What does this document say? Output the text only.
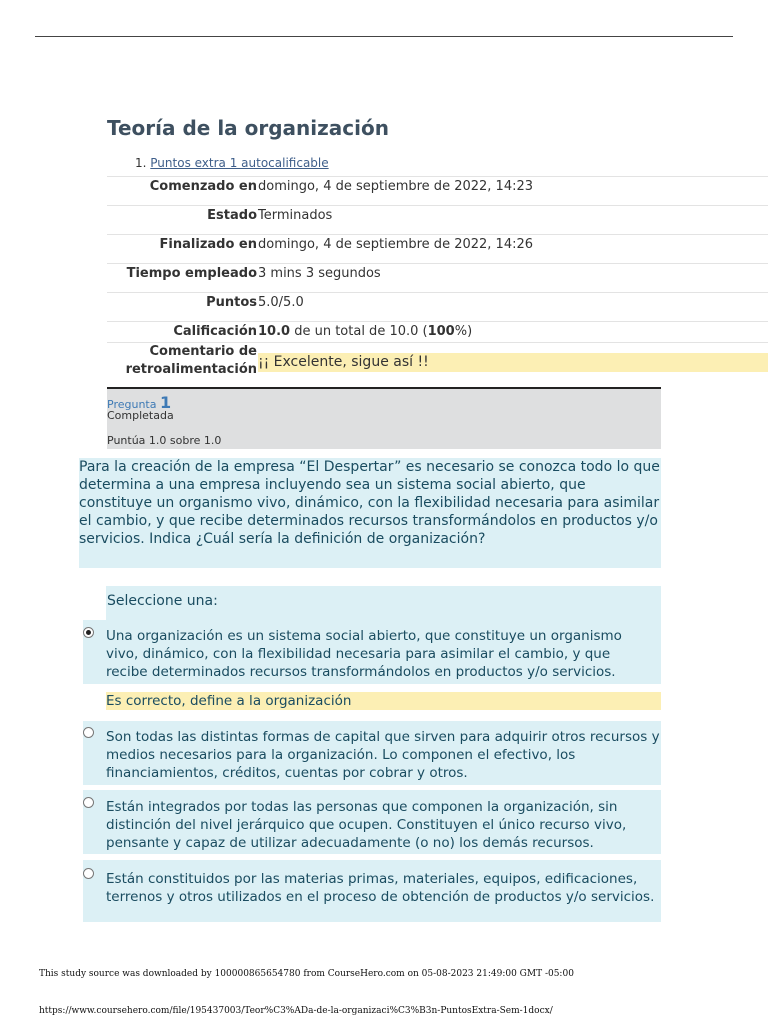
Teoría de la organización
1. Puntos extra 1 autocalificable
Comenzado en domingo, 4 de septiembre de 2022, 14:23
Estado Terminados
Finalizado en domingo, 4 de septiembre de 2022, 14:26
Tiempo empleado 3 mins 3 segundos
Puntos 5.0/5.0
Calificación 10.0 de un total de 10.0 (100%)
Comentario de
retroalimentación ¡¡ Excelente, sigue así !!
Pregunta 1
Completada
Puntúa 1.0 sobre 1.0

Para la creación de la empresa “El Despertar” es necesario se conozca todo lo que determina a una empresa incluyendo sea un sistema social abierto, que constituye un organismo vivo, dinámico, con la flexibilidad necesaria para asimilar el cambio, y que recibe determinados recursos transformándolos en productos y/o servicios. Indica ¿Cuál sería la definición de organización?

Seleccione una:
Una organización es un sistema social abierto, que constituye un organismo vivo, dinámico, con la flexibilidad necesaria para asimilar el cambio, y que recibe determinados recursos transformándolos en productos y/o servicios.
Es correcto, define a la organización
Son todas las distintas formas de capital que sirven para adquirir otros recursos y medios necesarios para la organización. Lo componen el efectivo, los financiamientos, créditos, cuentas por cobrar y otros.
Están integrados por todas las personas que componen la organización, sin distinción del nivel jerárquico que ocupen. Constituyen el único recurso vivo, pensante y capaz de utilizar adecuadamente (o no) los demás recursos.
Están constituidos por las materias primas, materiales, equipos, edificaciones, terrenos y otros utilizados en el proceso de obtención de productos y/o servicios.
This study source was downloaded by 100000865654780 from CourseHero.com on 05-08-2023 21:49:00 GMT -05:00
https://www.coursehero.com/file/195437003/Teor%C3%ADa-de-la-organizaci%C3%B3n-PuntosExtra-Sem-1docx/
